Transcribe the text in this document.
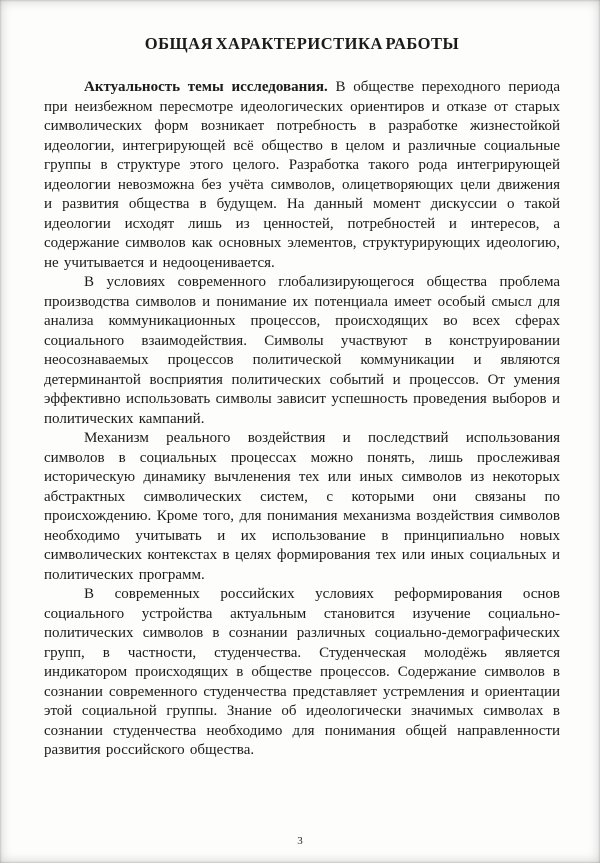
ОБЩАЯ ХАРАКТЕРИСТИКА РАБОТЫ

Актуальность темы исследования. В обществе переходного периода при неизбежном пересмотре идеологических ориентиров и отказе от старых символических форм возникает потребность в разработке жизнестойкой идеологии, интегрирующей всё общество в целом и различные социальные группы в структуре этого целого. Разработка такого рода интегрирующей идеологии невозможна без учёта символов, олицетворяющих цели движения и развития общества в будущем. На данный момент дискуссии о такой идеологии исходят лишь из ценностей, потребностей и интересов, а содержание символов как основных элементов, структурирующих идеологию, не учитывается и недооценивается.

В условиях современного глобализирующегося общества проблема производства символов и понимание их потенциала имеет особый смысл для анализа коммуникационных процессов, происходящих во всех сферах социального взаимодействия. Символы участвуют в конструировании неосознаваемых процессов политической коммуникации и являются детерминантой восприятия политических событий и процессов. От умения эффективно использовать символы зависит успешность проведения выборов и политических кампаний.

Механизм реального воздействия и последствий использования символов в социальных процессах можно понять, лишь прослеживая историческую динамику вычленения тех или иных символов из некоторых абстрактных символических систем, с которыми они связаны по происхождению. Кроме того, для понимания механизма воздействия символов необходимо учитывать и их использование в принципиально новых символических контекстах в целях формирования тех или иных социальных и политических программ.

В современных российских условиях реформирования основ социального устройства актуальным становится изучение социально-политических символов в сознании различных социально-демографических групп, в частности, студенчества. Студенческая молодёжь является индикатором происходящих в обществе процессов. Содержание символов в сознании современного студенчества представляет устремления и ориентации этой социальной группы. Знание об идеологически значимых символах в сознании студенчества необходимо для понимания общей направленности развития российского общества.

3
